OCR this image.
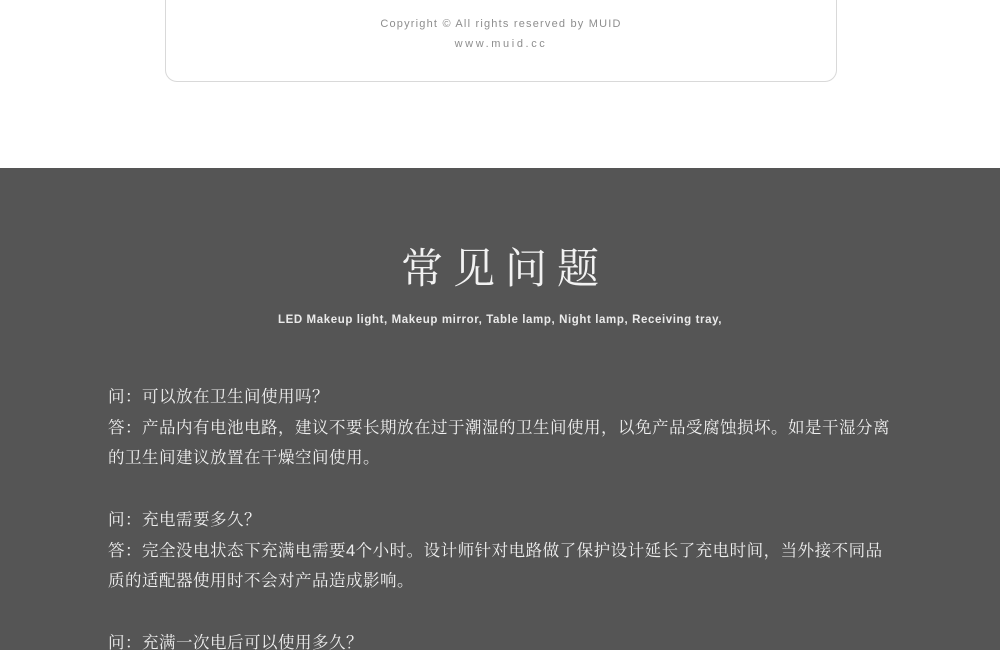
Copyright © All rights reserved by MUID
www.muid.cc
常见问题
LED Makeup light, Makeup mirror, Table lamp, Night lamp, Receiving tray,
问：可以放在卫生间使用吗？
答：产品内有电池电路，建议不要长期放在过于潮湿的卫生间使用，以免产品受腐蚀损坏。如是干湿分离的卫生间建议放置在干燥空间使用。
问：充电需要多久？
答：完全没电状态下充满电需要4个小时。设计师针对电路做了保护设计延长了充电时间，当外接不同品质的适配器使用时不会对产品造成影响。
问：充满一次电后可以使用多久？
